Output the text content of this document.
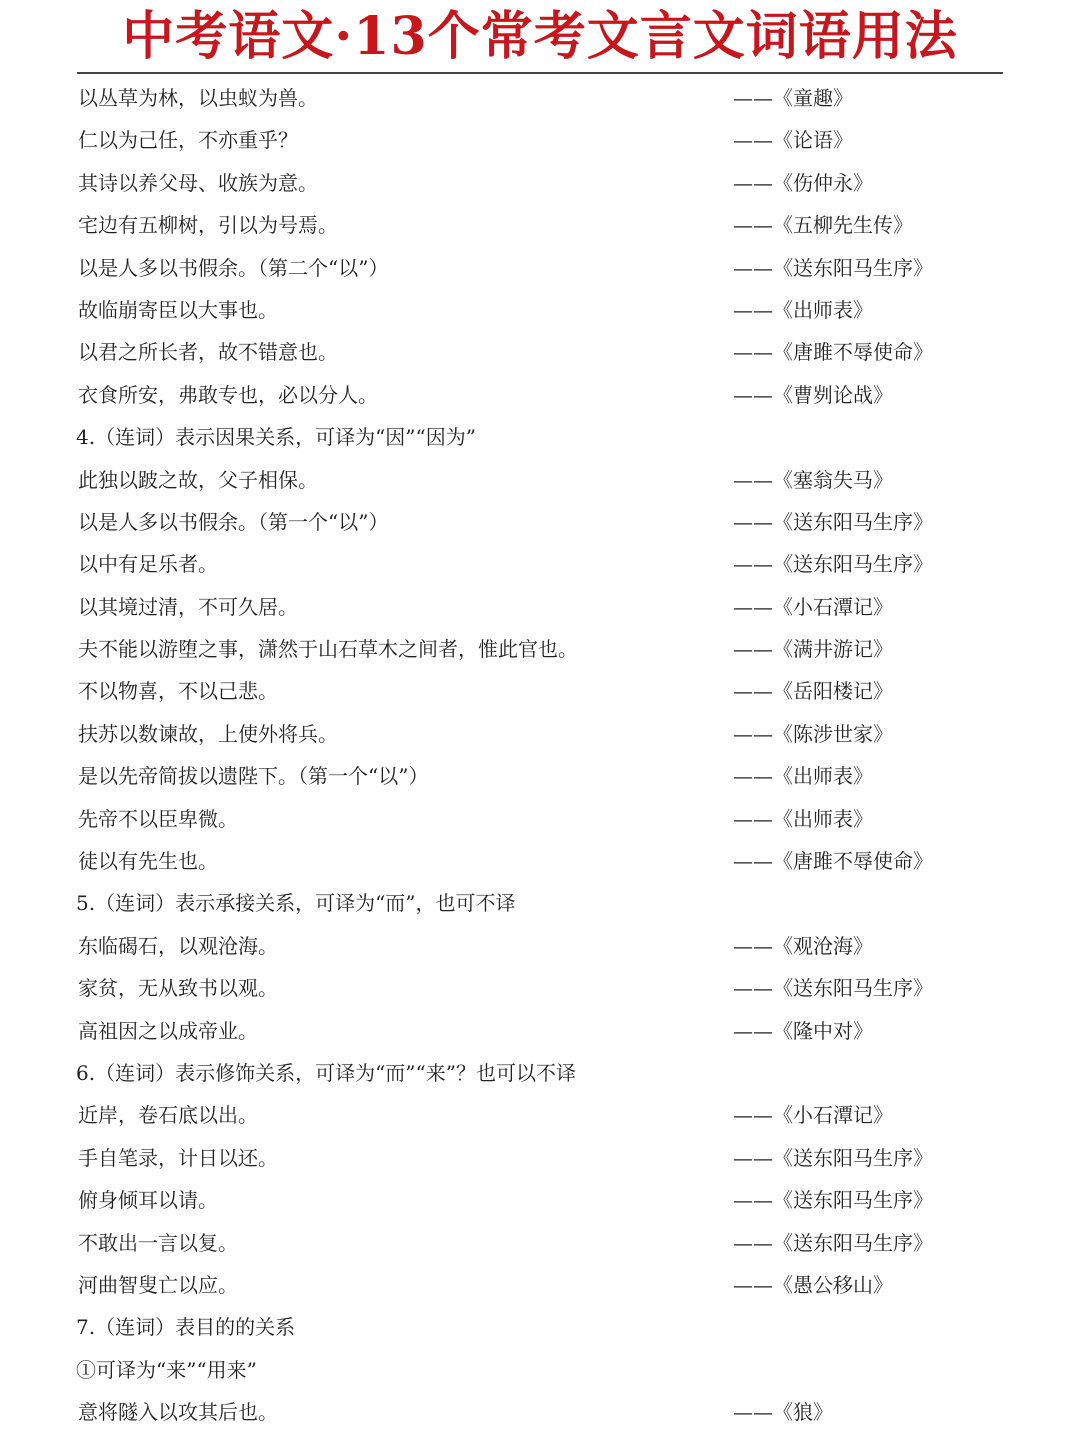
中考语文·13个常考文言文词语用法
以丛草为林，以虫蚁为兽。	——《童趣》
仁以为己任，不亦重乎？	——《论语》
其诗以养父母、收族为意。	——《伤仲永》
宅边有五柳树，引以为号焉。	——《五柳先生传》
以是人多以书假余。（第二个“以”）	——《送东阳马生序》
故临崩寄臣以大事也。	——《出师表》
以君之所长者，故不错意也。	——《唐雎不辱使命》
衣食所安，弗敢专也，必以分人。	——《曹刿论战》
4.（连词）表示因果关系，可译为“因”“因为”
此独以跛之故，父子相保。	——《塞翁失马》
以是人多以书假余。（第一个“以”）	——《送东阳马生序》
以中有足乐者。	——《送东阳马生序》
以其境过清，不可久居。	——《小石潭记》
夫不能以游堕之事，潇然于山石草木之间者，惟此官也。	——《满井游记》
不以物喜，不以己悲。	——《岳阳楼记》
扶苏以数谏故，上使外将兵。	——《陈涉世家》
是以先帝简拔以遗陛下。（第一个“以”）	——《出师表》
先帝不以臣卑微。	——《出师表》
徒以有先生也。	——《唐雎不辱使命》
5.（连词）表示承接关系，可译为“而”，也可不译
东临碣石，以观沧海。	——《观沧海》
家贫，无从致书以观。	——《送东阳马生序》
高祖因之以成帝业。	——《隆中对》
6.（连词）表示修饰关系，可译为“而”“来”？也可以不译
近岸，卷石底以出。	——《小石潭记》
手自笔录，计日以还。	——《送东阳马生序》
俯身倾耳以请。	——《送东阳马生序》
不敢出一言以复。	——《送东阳马生序》
河曲智叟亡以应。	——《愚公移山》
7.（连词）表目的的关系
①可译为“来”“用来”
意将隧入以攻其后也。	——《狼》
